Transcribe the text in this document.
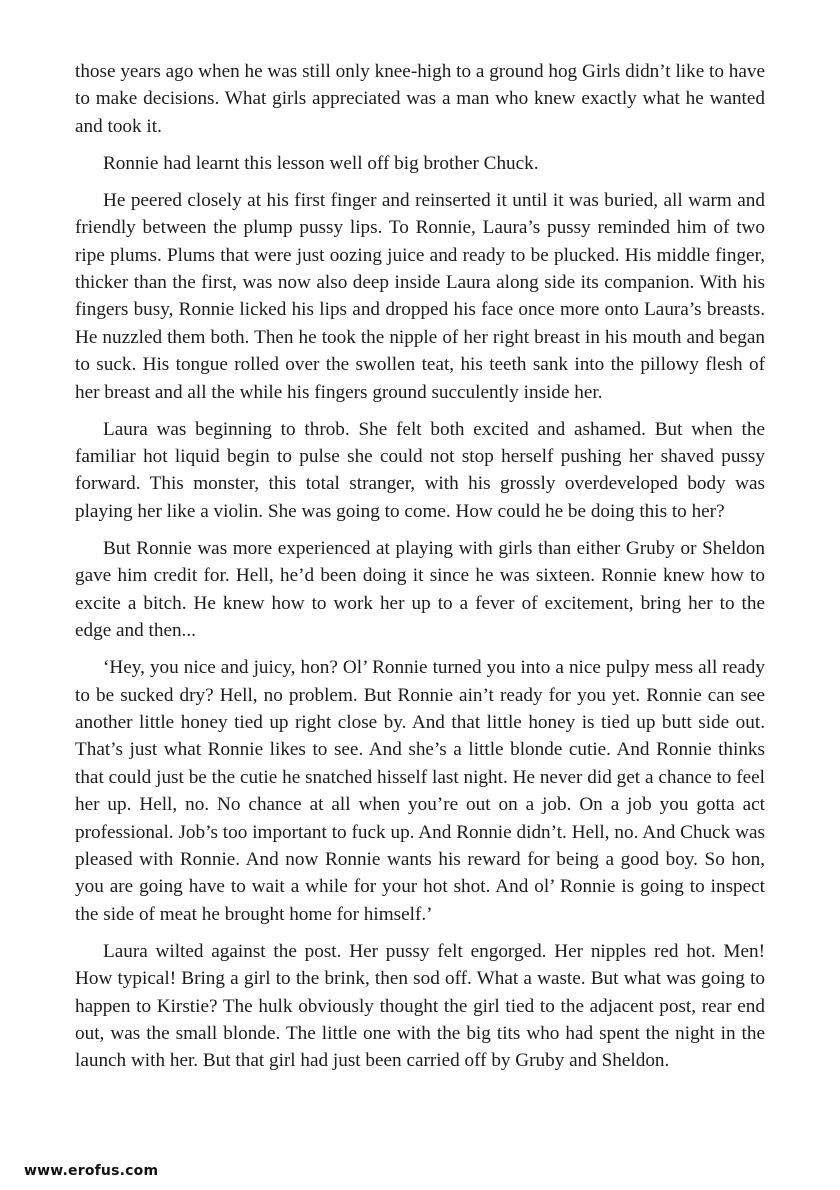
those years ago when he was still only knee-high to a ground hog Girls didn’t like to have to make decisions. What girls appreciated was a man who knew exactly what he wanted and took it.

Ronnie had learnt this lesson well off big brother Chuck.

He peered closely at his first finger and reinserted it until it was buried, all warm and friendly between the plump pussy lips. To Ronnie, Laura’s pussy reminded him of two ripe plums. Plums that were just oozing juice and ready to be plucked. His middle finger, thicker than the first, was now also deep inside Laura along side its companion. With his fingers busy, Ronnie licked his lips and dropped his face once more onto Laura’s breasts. He nuzzled them both. Then he took the nipple of her right breast in his mouth and began to suck. His tongue rolled over the swollen teat, his teeth sank into the pillowy flesh of her breast and all the while his fingers ground succulently inside her.

Laura was beginning to throb. She felt both excited and ashamed. But when the familiar hot liquid begin to pulse she could not stop herself pushing her shaved pussy forward. This monster, this total stranger, with his grossly overdeveloped body was playing her like a violin. She was going to come. How could he be doing this to her?

But Ronnie was more experienced at playing with girls than either Gruby or Sheldon gave him credit for. Hell, he’d been doing it since he was sixteen. Ronnie knew how to excite a bitch. He knew how to work her up to a fever of excitement, bring her to the edge and then...

‘Hey, you nice and juicy, hon? Ol’ Ronnie turned you into a nice pulpy mess all ready to be sucked dry? Hell, no problem. But Ronnie ain’t ready for you yet. Ronnie can see another little honey tied up right close by. And that little honey is tied up butt side out. That’s just what Ronnie likes to see. And she’s a little blonde cutie. And Ronnie thinks that could just be the cutie he snatched hisself last night. He never did get a chance to feel her up. Hell, no. No chance at all when you’re out on a job. On a job you gotta act professional. Job’s too important to fuck up. And Ronnie didn’t. Hell, no. And Chuck was pleased with Ronnie. And now Ronnie wants his reward for being a good boy. So hon, you are going have to wait a while for your hot shot. And ol’ Ronnie is going to inspect the side of meat he brought home for himself.’

Laura wilted against the post. Her pussy felt engorged. Her nipples red hot. Men! How typical! Bring a girl to the brink, then sod off. What a waste. But what was going to happen to Kirstie? The hulk obviously thought the girl tied to the adjacent post, rear end out, was the small blonde. The little one with the big tits who had spent the night in the launch with her. But that girl had just been carried off by Gruby and Sheldon.

www.erofus.com
